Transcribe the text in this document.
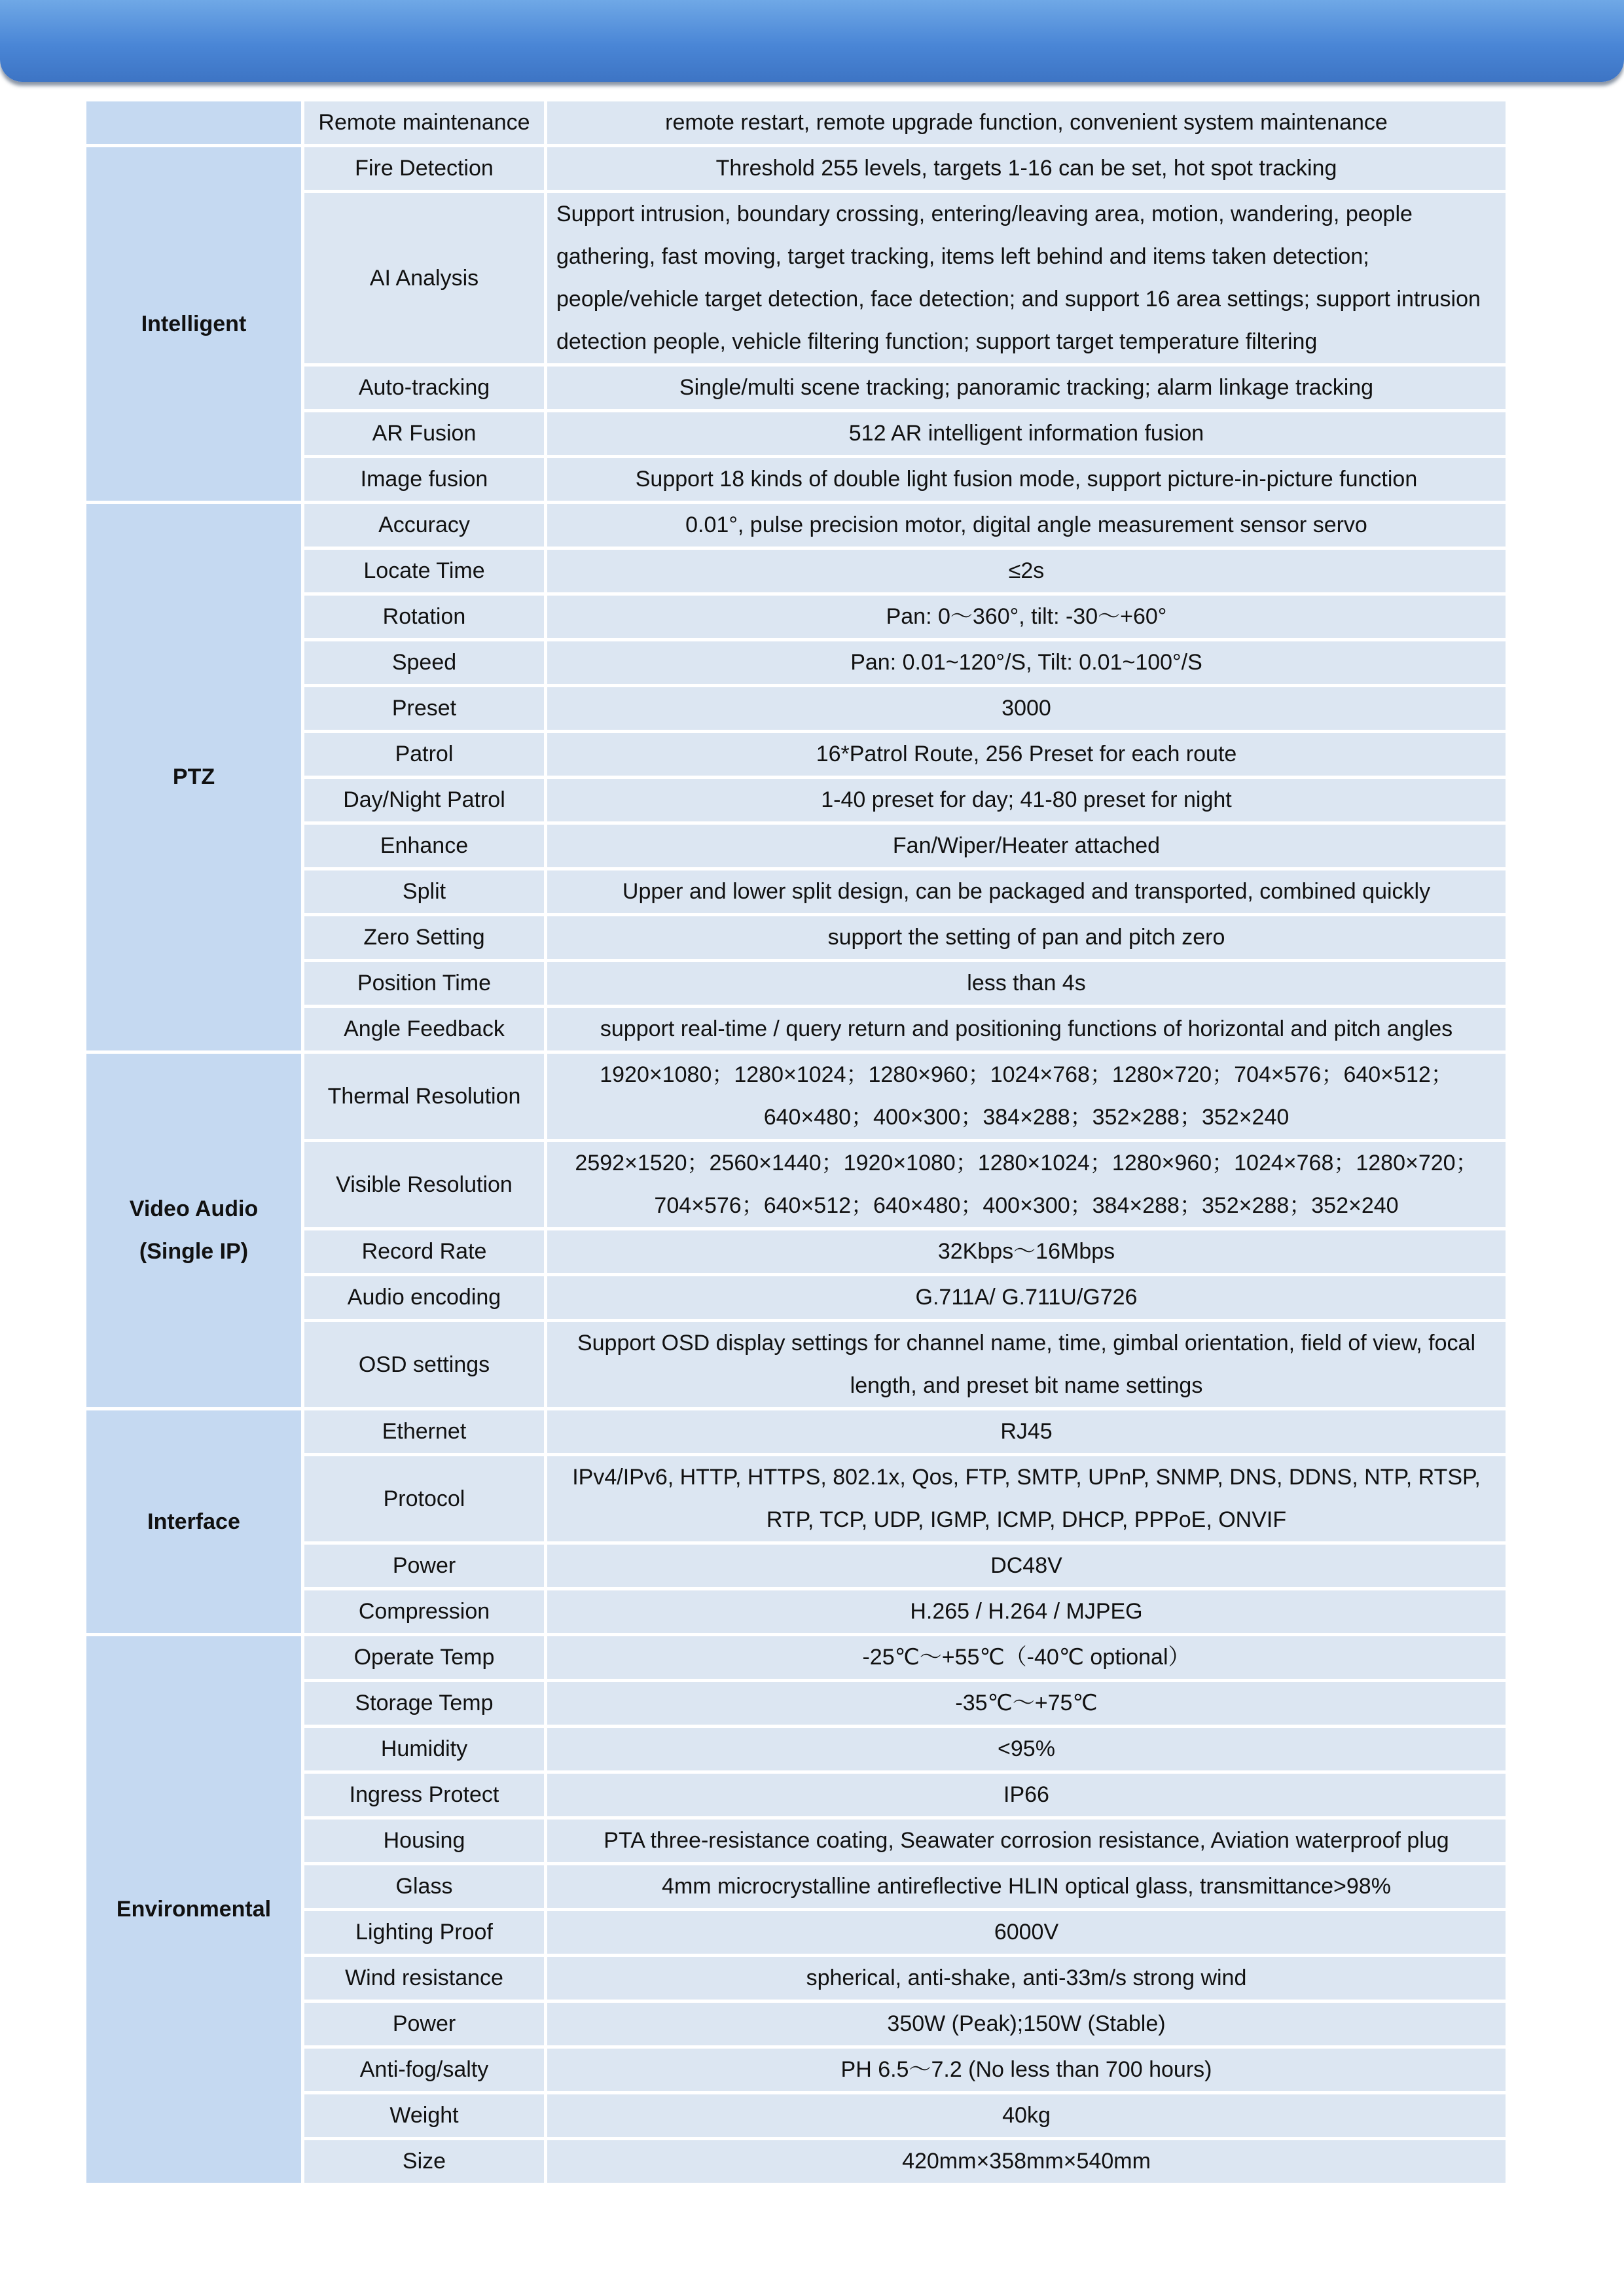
	Remote maintenance	remote restart, remote upgrade function, convenient system maintenance
Intelligent	Fire Detection	Threshold 255 levels, targets 1-16 can be set, hot spot tracking
	AI Analysis	Support intrusion, boundary crossing, entering/leaving area, motion, wandering, people gathering, fast moving, target tracking, items left behind and items taken detection; people/vehicle target detection, face detection; and support 16 area settings; support intrusion detection people, vehicle filtering function; support target temperature filtering
	Auto-tracking	Single/multi scene tracking; panoramic tracking; alarm linkage tracking
	AR Fusion	512 AR intelligent information fusion
	Image fusion	Support 18 kinds of double light fusion mode, support picture-in-picture function
PTZ	Accuracy	0.01°, pulse precision motor, digital angle measurement sensor servo
	Locate Time	≤2s
	Rotation	Pan: 0～360°, tilt: -30～+60°
	Speed	Pan: 0.01~120°/S, Tilt: 0.01~100°/S
	Preset	3000
	Patrol	16*Patrol Route, 256 Preset for each route
	Day/Night Patrol	1-40 preset for day; 41-80 preset for night
	Enhance	Fan/Wiper/Heater attached
	Split	Upper and lower split design, can be packaged and transported, combined quickly
	Zero Setting	support the setting of pan and pitch zero
	Position Time	less than 4s
	Angle Feedback	support real-time / query return and positioning functions of horizontal and pitch angles
Video Audio (Single IP)	Thermal Resolution	1920×1080；1280×1024；1280×960；1024×768；1280×720；704×576；640×512；640×480；400×300；384×288；352×288；352×240
	Visible Resolution	2592×1520；2560×1440；1920×1080；1280×1024；1280×960；1024×768；1280×720；704×576；640×512；640×480；400×300；384×288；352×288；352×240
	Record Rate	32Kbps～16Mbps
	Audio encoding	G.711A/ G.711U/G726
	OSD settings	Support OSD display settings for channel name, time, gimbal orientation, field of view, focal length, and preset bit name settings
Interface	Ethernet	RJ45
	Protocol	IPv4/IPv6, HTTP, HTTPS, 802.1x, Qos, FTP, SMTP, UPnP, SNMP, DNS, DDNS, NTP, RTSP, RTP, TCP, UDP, IGMP, ICMP, DHCP, PPPoE, ONVIF
	Power	DC48V
	Compression	H.265 / H.264 / MJPEG
Environmental	Operate Temp	-25℃～+55℃（-40℃ optional）
	Storage Temp	-35℃～+75℃
	Humidity	<95%
	Ingress Protect	IP66
	Housing	PTA three-resistance coating, Seawater corrosion resistance, Aviation waterproof plug
	Glass	4mm microcrystalline antireflective HLIN optical glass, transmittance>98%
	Lighting Proof	6000V
	Wind resistance	spherical, anti-shake, anti-33m/s strong wind
	Power	350W (Peak);150W (Stable)
	Anti-fog/salty	PH 6.5～7.2 (No less than 700 hours)
	Weight	40kg
	Size	420mm×358mm×540mm
